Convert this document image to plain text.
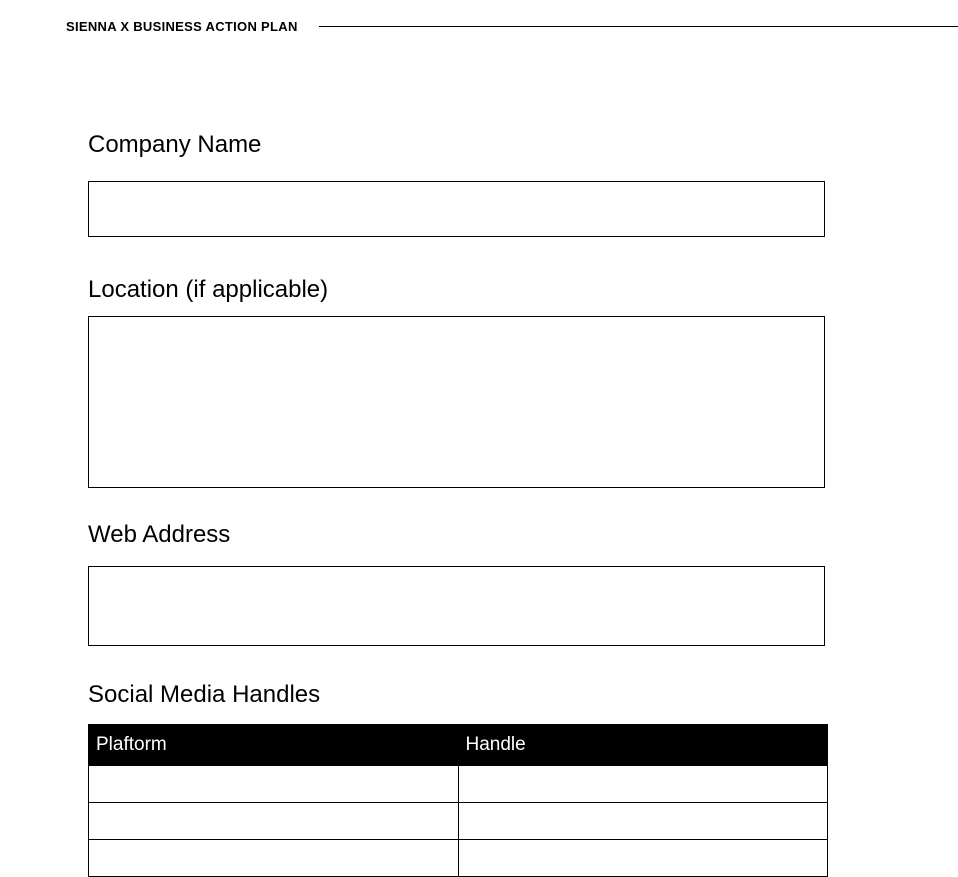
SIENNA X BUSINESS ACTION PLAN
Company Name
Location (if applicable)
Web Address
Social Media Handles
Plaftorm	Handle
